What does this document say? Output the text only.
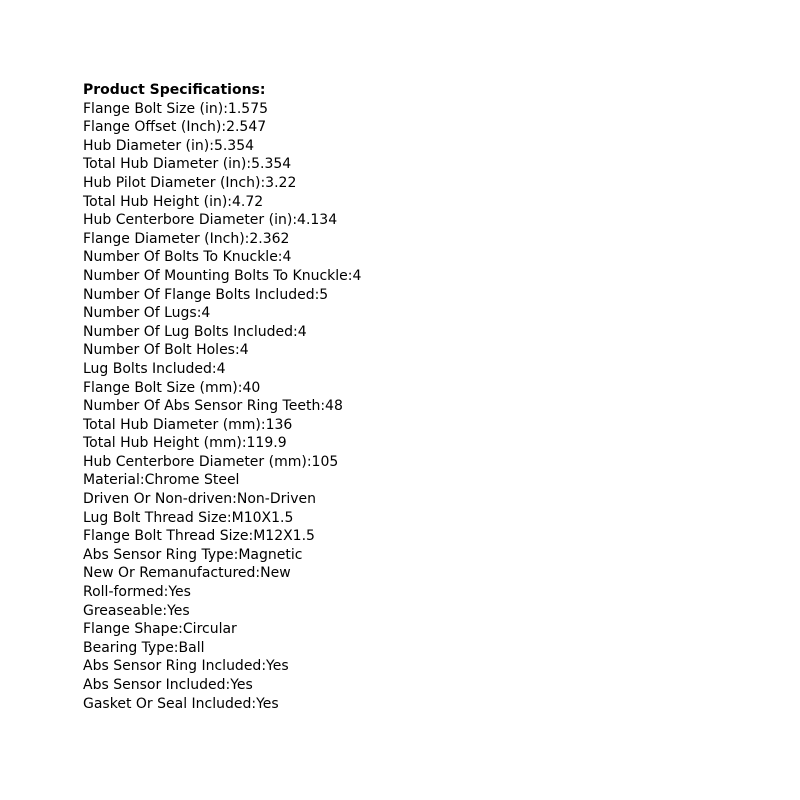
Product Specifications:
Flange Bolt Size (in):1.575
Flange Offset (Inch):2.547
Hub Diameter (in):5.354
Total Hub Diameter (in):5.354
Hub Pilot Diameter (Inch):3.22
Total Hub Height (in):4.72
Hub Centerbore Diameter (in):4.134
Flange Diameter (Inch):2.362
Number Of Bolts To Knuckle:4
Number Of Mounting Bolts To Knuckle:4
Number Of Flange Bolts Included:5
Number Of Lugs:4
Number Of Lug Bolts Included:4
Number Of Bolt Holes:4
Lug Bolts Included:4
Flange Bolt Size (mm):40
Number Of Abs Sensor Ring Teeth:48
Total Hub Diameter (mm):136
Total Hub Height (mm):119.9
Hub Centerbore Diameter (mm):105
Material:Chrome Steel
Driven Or Non-driven:Non-Driven
Lug Bolt Thread Size:M10X1.5
Flange Bolt Thread Size:M12X1.5
Abs Sensor Ring Type:Magnetic
New Or Remanufactured:New
Roll-formed:Yes
Greaseable:Yes
Flange Shape:Circular
Bearing Type:Ball
Abs Sensor Ring Included:Yes
Abs Sensor Included:Yes
Gasket Or Seal Included:Yes
